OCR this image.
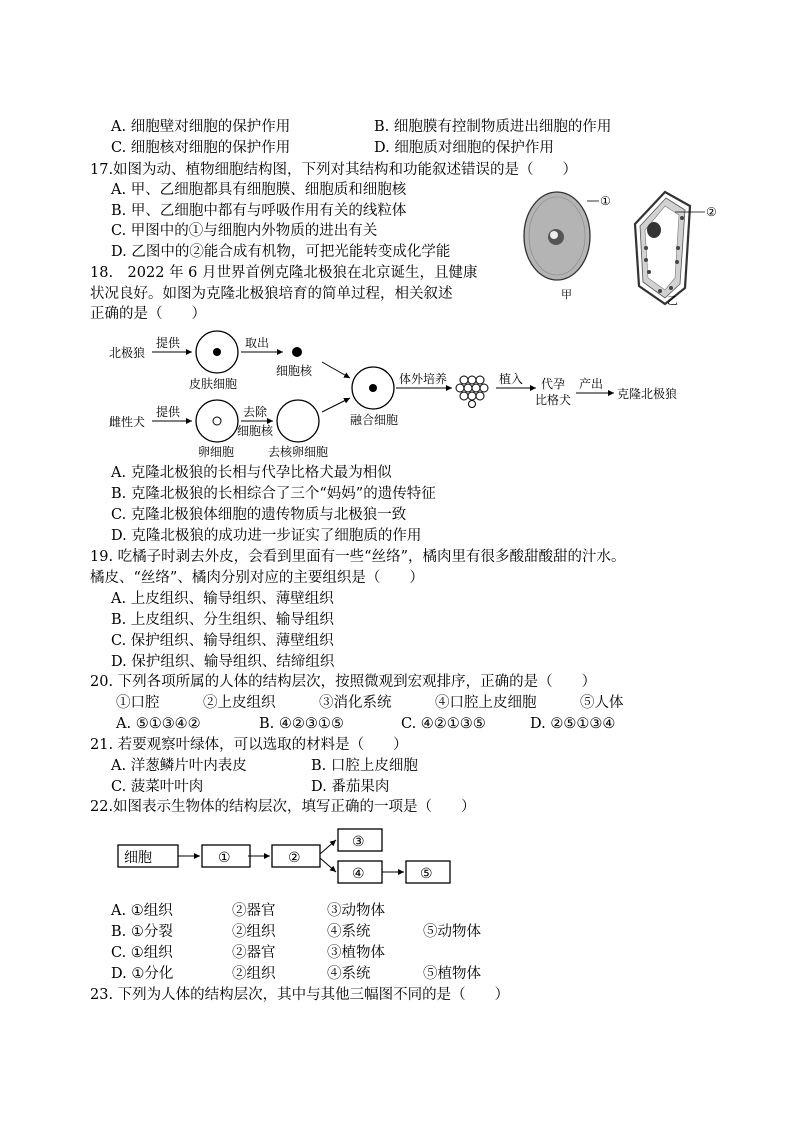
A. 细胞壁对细胞的保护作用	B. 细胞膜有控制物质进出细胞的作用
C. 细胞核对细胞的保护作用	D. 细胞质对细胞的保护作用
17.如图为动、植物细胞结构图，下列对其结构和功能叙述错误的是（　　）
A. 甲、乙细胞都具有细胞膜、细胞质和细胞核
B. 甲、乙细胞中都有与呼吸作用有关的线粒体
C. 甲图中的①与细胞内外物质的进出有关
D. 乙图中的②能合成有机物，可把光能转变成化学能
①
②
甲	乙
18.　2022 年 6 月世界首例克隆北极狼在北京诞生，且健康
状况良好。如图为克隆北极狼培育的简单过程，相关叙述
正确的是（　　）
北极狼
提供
皮肤细胞
取出
细胞核
雌性犬
提供
卵细胞
去除
细胞核
去核卵细胞
融合细胞
体外培养	植入 代孕
比格犬
产出
克隆北极狼
A. 克隆北极狼的长相与代孕比格犬最为相似
B. 克隆北极狼的长相综合了三个“妈妈”的遗传特征
C. 克隆北极狼体细胞的遗传物质与北极狼一致
D. 克隆北极狼的成功进一步证实了细胞质的作用
19. 吃橘子时剥去外皮，会看到里面有一些“丝络”，橘肉里有很多酸甜酸甜的汁水。
橘皮、“丝络”、橘肉分别对应的主要组织是（　　）
A. 上皮组织、输导组织、薄壁组织
B. 上皮组织、分生组织、输导组织
C. 保护组织、输导组织、薄壁组织
D. 保护组织、输导组织、结缔组织
20. 下列各项所属的人体的结构层次，按照微观到宏观排序，正确的是（　　）
①口腔　　　②上皮组织　　　③消化系统　　　④口腔上皮细胞　　　⑤人体
A. ⑤①③④②	B. ④②③①⑤	C. ④②①③⑤	D. ②⑤①③④
21. 若要观察叶绿体，可以选取的材料是（　　）
A. 洋葱鳞片叶内表皮	B. 口腔上皮细胞
C. 菠菜叶叶肉	D. 番茄果肉
22.如图表示生物体的结构层次，填写正确的一项是（　　）
细胞	①	②
③
④	⑤
A. ①组织	②器官	③动物体
B. ①分裂	②组织	④系统	⑤动物体
C. ①组织	②器官	③植物体
D. ①分化	②组织	④系统	⑤植物体
23. 下列为人体的结构层次，其中与其他三幅图不同的是（　　）
